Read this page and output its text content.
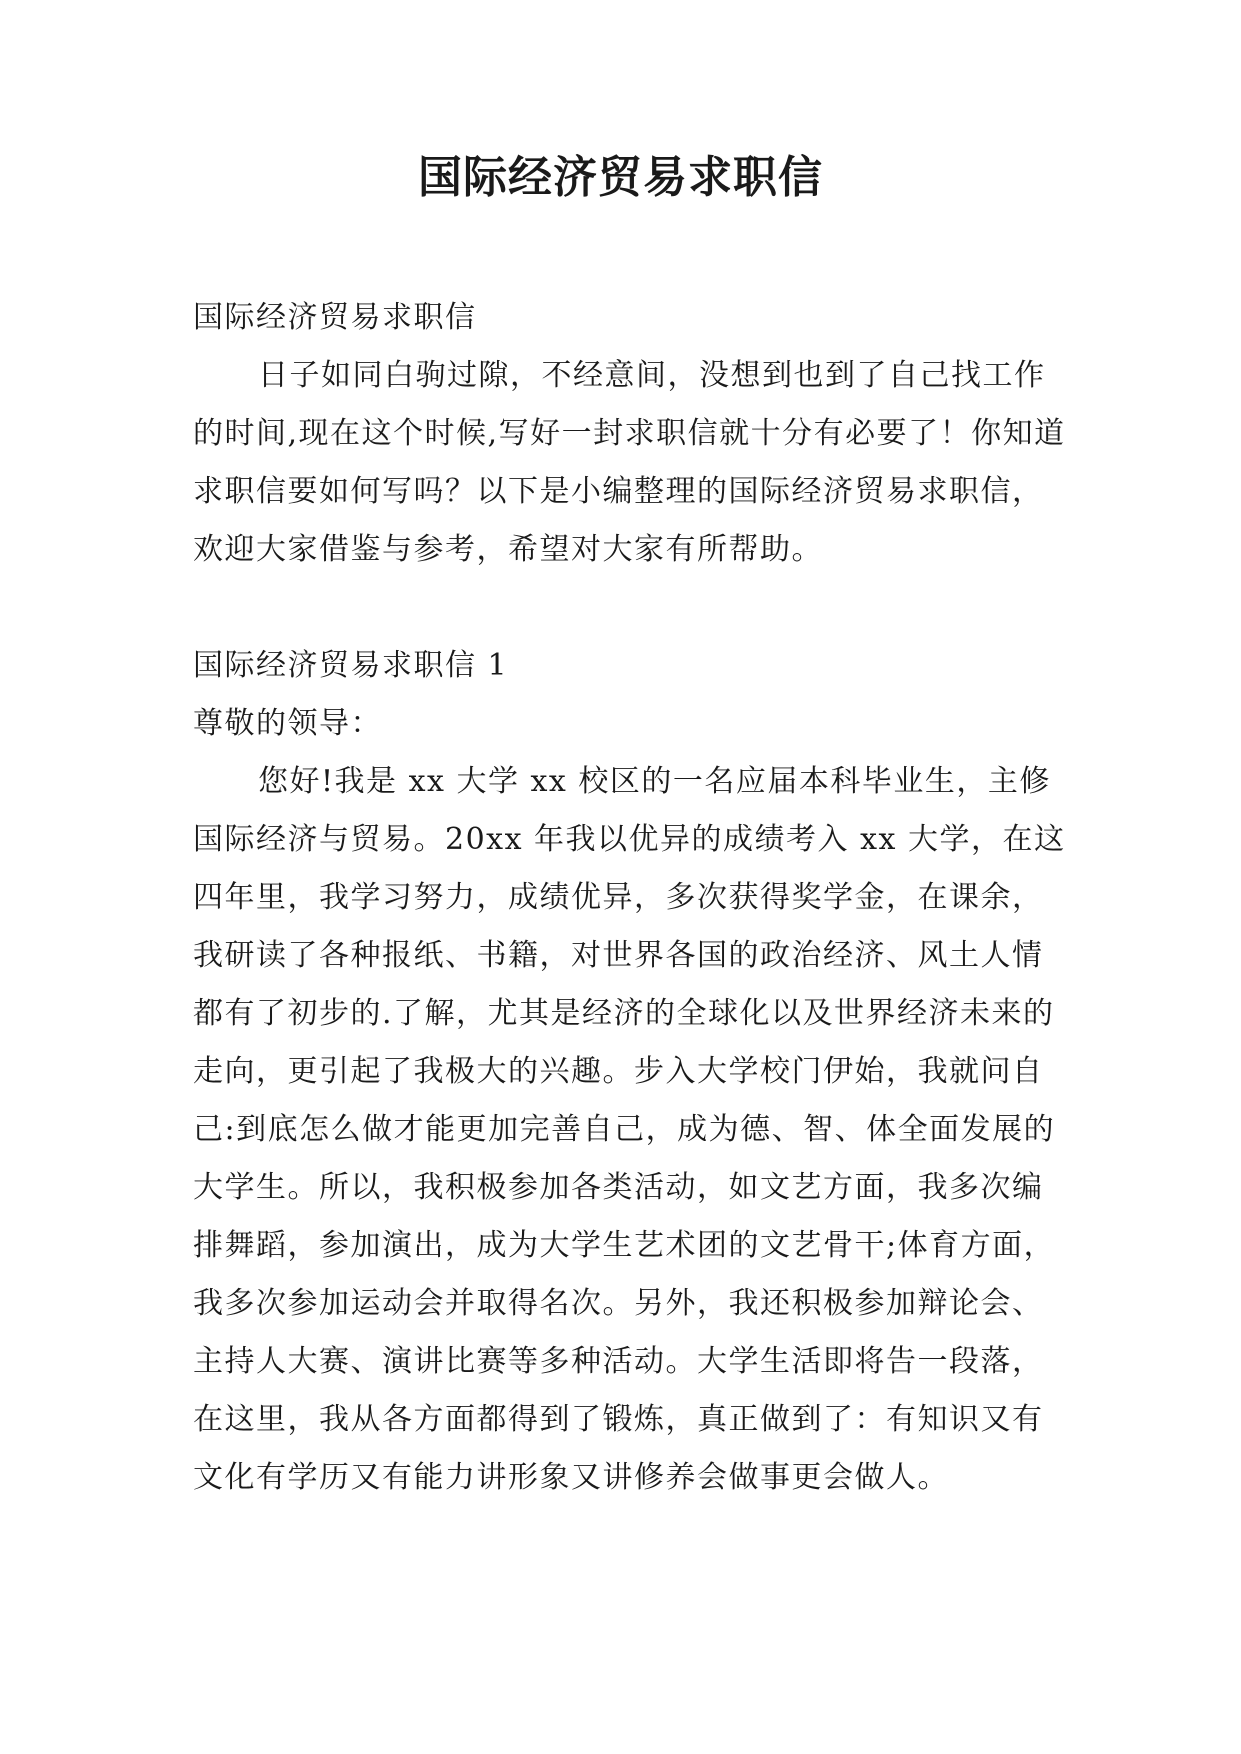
国际经济贸易求职信

国际经济贸易求职信

日子如同白驹过隙，不经意间，没想到也到了自己找工作的时间,现在这个时候,写好一封求职信就十分有必要了！你知道求职信要如何写吗？以下是小编整理的国际经济贸易求职信，欢迎大家借鉴与参考，希望对大家有所帮助。

国际经济贸易求职信 1

尊敬的领导：

您好!我是 xx 大学 xx 校区的一名应届本科毕业生，主修国际经济与贸易。20xx 年我以优异的成绩考入 xx 大学，在这四年里，我学习努力，成绩优异，多次获得奖学金，在课余，我研读了各种报纸、书籍，对世界各国的政治经济、风土人情都有了初步的.了解，尤其是经济的全球化以及世界经济未来的走向，更引起了我极大的兴趣。步入大学校门伊始，我就问自己:到底怎么做才能更加完善自己，成为德、智、体全面发展的大学生。所以，我积极参加各类活动，如文艺方面，我多次编排舞蹈，参加演出，成为大学生艺术团的文艺骨干;体育方面，我多次参加运动会并取得名次。另外，我还积极参加辩论会、主持人大赛、演讲比赛等多种活动。大学生活即将告一段落，在这里，我从各方面都得到了锻炼，真正做到了：有知识又有文化有学历又有能力讲形象又讲修养会做事更会做人。
